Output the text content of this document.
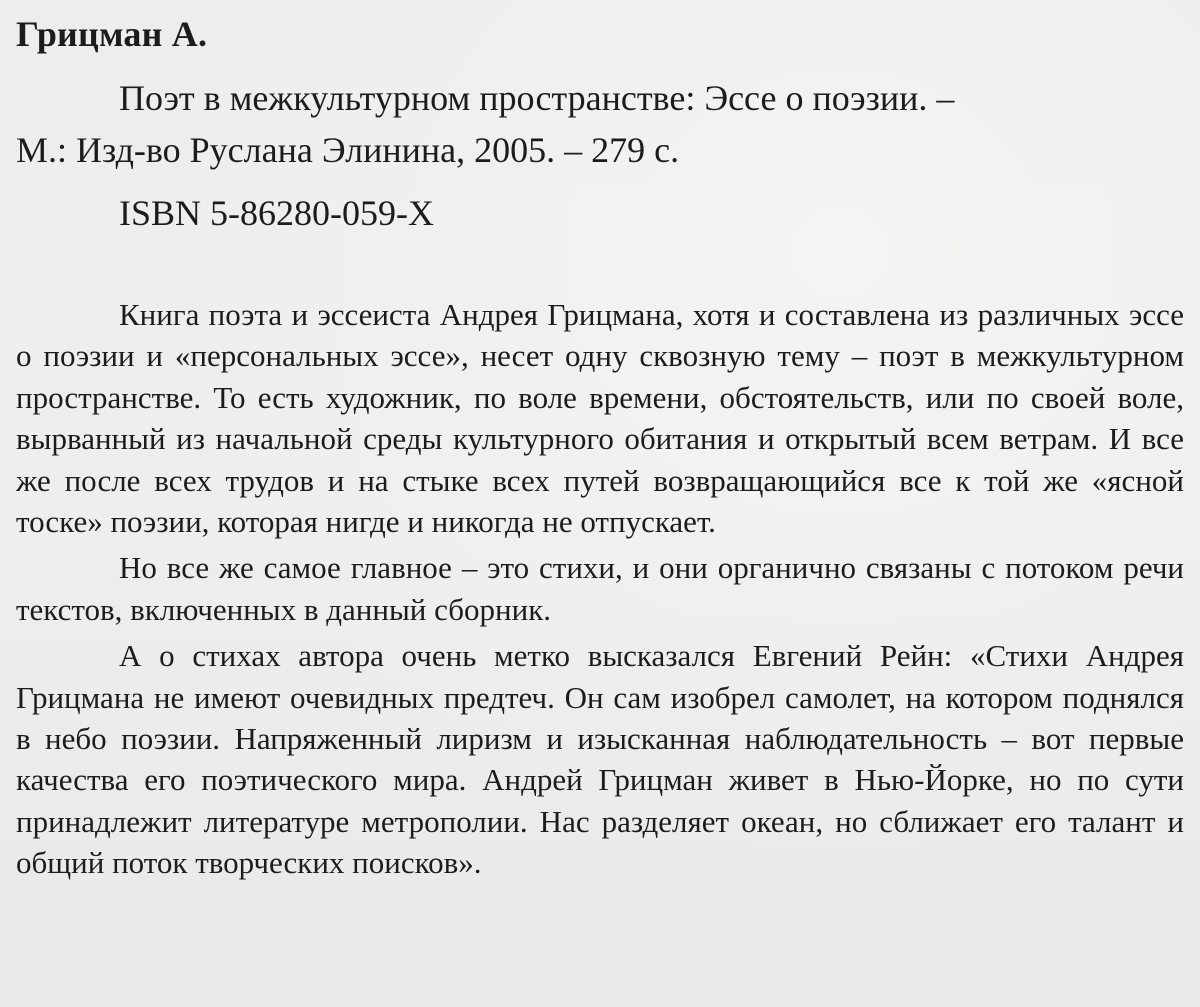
Грицман А.
Поэт в межкультурном пространстве: Эссе о поэзии. –
М.: Изд-во Руслана Элинина, 2005. – 279 с.
ISBN 5-86280-059-X

Книга поэта и эссеиста Андрея Грицмана, хотя и составлена из различных эссе о поэзии и «персональных эссе», несет одну сквозную тему – поэт в межкультурном пространстве. То есть художник, по воле времени, обстоятельств, или по своей воле, вырванный из начальной среды культурного обитания и открытый всем ветрам. И все же после всех трудов и на стыке всех путей возвращающийся все к той же «ясной тоске» поэзии, которая нигде и никогда не отпускает.

Но все же самое главное – это стихи, и они органично связаны с потоком речи текстов, включенных в данный сборник.

А о стихах автора очень метко высказался Евгений Рейн: «Стихи Андрея Грицмана не имеют очевидных предтеч. Он сам изобрел самолет, на котором поднялся в небо поэзии. Напряженный лиризм и изысканная наблюдательность – вот первые качества его поэтического мира. Андрей Грицман живет в Нью-Йорке, но по сути принадлежит литературе метрополии. Нас разделяет океан, но сближает его талант и общий поток творческих поисков».
